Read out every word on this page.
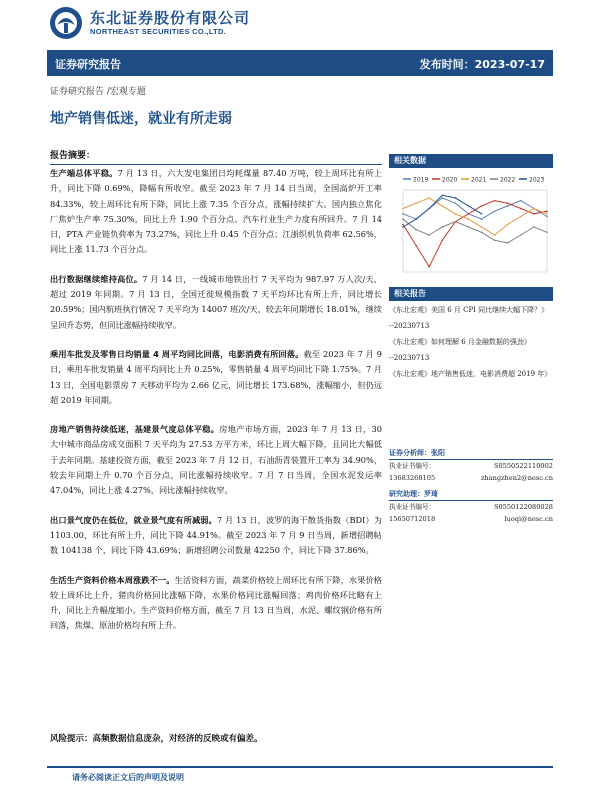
东北证券股份有限公司
NORTHEAST SECURITIES CO.,LTD.
证券研究报告	发布时间：2023-07-17
证券研究报告 /宏观专题
地产销售低迷，就业有所走弱
报告摘要：

生产端总体平稳。7 月 13 日，六大发电集团日均耗煤量 87.40 万吨，较上周环比有所上升，同比下降 0.69%，降幅有所收窄。截至 2023 年 7 月 14 日当周，全国高炉开工率 84.33%，较上周环比有所下降，同比上涨 7.35 个百分点，涨幅持续扩大。国内独立焦化厂焦炉生产率 75.30%，同比上升 1.90 个百分点。汽车行业生产力度有所回升。7 月 14 日，PTA 产业链负荷率为 73.27%，同比上升 0.45 个百分点；江浙织机负荷率 62.56%，同比上涨 11.73 个百分点。

出行数据继续维持高位。7 月 14 日，一线城市地铁出行 7 天平均为 987.97 万人次/天，超过 2019 年同期。7 月 13 日，全国迁徙规模指数 7 天平均环比有所上升，同比增长 20.59%；国内航班执行情况 7 天平均为 14007 班次/天，较去年同期增长 18.01%，继续呈回升态势，但同比涨幅持续收窄。

乘用车批发及零售日均销量 4 周平均同比回落，电影消费有所回落。截至 2023 年 7 月 9 日，乘用车批发销量 4 周平均同比上升 0.25%，零售销量 4 周平均同比下降 1.75%。7 月 13 日，全国电影票房 7 天移动平均为 2.66 亿元，同比增长 173.68%，涨幅缩小，但仍远超 2019 年同期。

房地产销售持续低迷，基建景气度总体平稳。房地产市场方面，2023 年 7 月 13 日，30 大中城市商品房成交面积 7 天平均为 27.53 万平方米，环比上周大幅下降，且同比大幅低于去年同期。基建投资方面，截至 2023 年 7 月 12 日，石油沥青装置开工率为 34.90%，较去年同期上升 0.70 个百分点，同比涨幅持续收窄。7 月 7 日当周，全国水泥发运率 47.04%，同比上涨 4.27%，同比涨幅持续收窄。

出口景气度仍在低位，就业景气度有所减弱。7 月 13 日，波罗的海干散货指数（BDI）为 1103.00，环比有所上升，同比下降 44.91%。截至 2023 年 7 月 9 日当周，新增招聘帖数 104138 个，同比下降 43.69%；新增招聘公司数量 42250 个，同比下降 37.86%。

生活生产资料价格本周涨跌不一。生活资料方面，蔬菜价格较上周环比有所下降，水果价格较上周环比上升，猪肉价格同比涨幅下降，水果价格同比涨幅回落；鸡肉价格环比略有上升，同比上升幅度缩小。生产资料价格方面，截至 7 月 13 日当周，水泥、螺纹钢价格有所回落，焦煤、原油价格均有所上升。

相关数据
2019 2020 2021 2022 2023
相关报告
《东北宏观》美国 6 月 CPI 同比继续大幅下降？》
--20230713
《东北宏观》如何理解 6 月金融数据的强劲》
--20230713
《东北宏观》地产销售低迷，电影消费超 2019 年》
证券分析师：张阳
执业证书编号：	S0550522110002
13683268105	zhangzhen2@nesc.cn
研究助理：罗琦
执业证书编号：	S0550122080028
15650712018	luoqi@nesc.cn
风险提示：高频数据信息庞杂，对经济的反映或有偏差。
请务必阅读正文后的声明及说明
